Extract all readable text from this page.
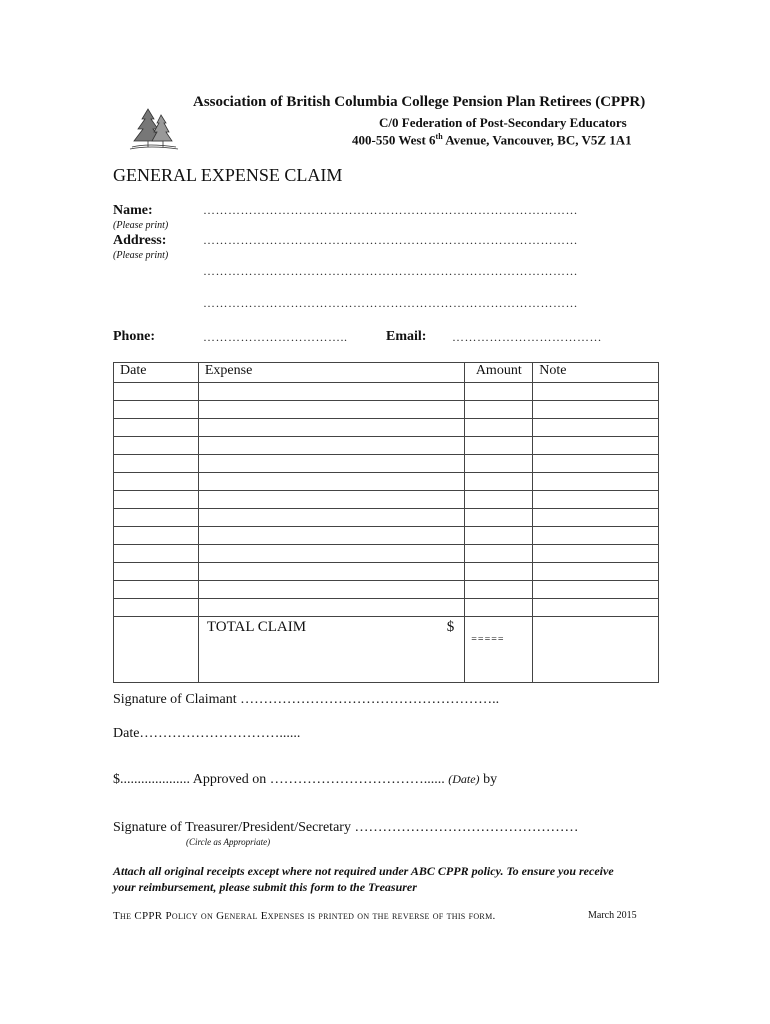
Association of British Columbia College Pension Plan Retirees (CPPR)
C/0 Federation of Post-Secondary Educators
400-550 West 6th Avenue, Vancouver, BC, V5Z 1A1
GENERAL EXPENSE CLAIM
Name:
(Please print)
………………………………………………………………………………
Address:
(Please print)
………………………………………………………………………………
………………………………………………………………………………
………………………………………………………………………………
Phone:	……………………………..	Email: ………………………………
Date	Expense	Amount	Note

	TOTAL CLAIM $	=====	
Signature of Claimant ………………………………………………..
Date…………………………......
$.................... Approved on ……………………………...... (Date) by
Signature of Treasurer/President/Secretary …………………………………………
(Circle as Appropriate)
Attach all original receipts except where not required under ABC CPPR policy. To ensure you receive
your reimbursement, please submit this form to the Treasurer
The CPPR Policy on General Expenses is printed on the reverse of this form.	March 2015
